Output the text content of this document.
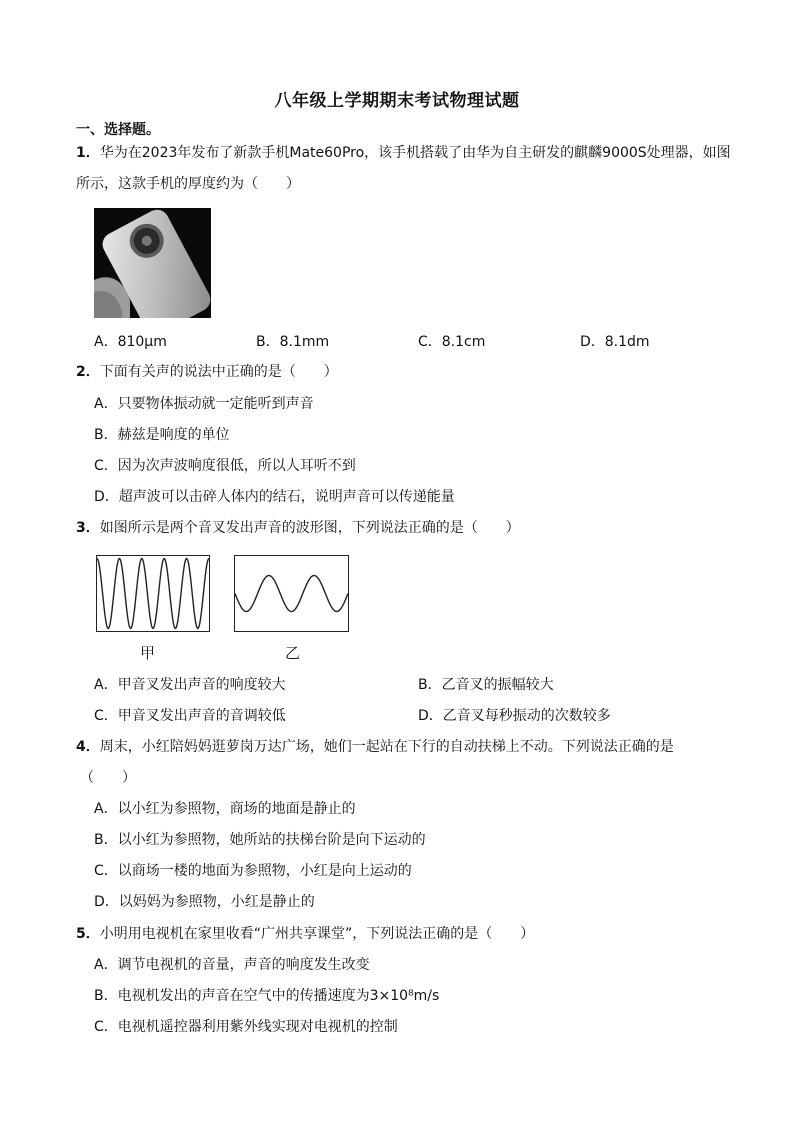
八年级上学期期末考试物理试题
一、选择题。
1．华为在2023年发布了新款手机Mate60Pro，该手机搭载了由华为自主研发的麒麟9000S处理器，如图
所示，这款手机的厚度约为（　　）
A．810μm	B．8.1mm	C．8.1cm	D．8.1dm
2．下面有关声的说法中正确的是（　　）
A．只要物体振动就一定能听到声音
B．赫兹是响度的单位
C．因为次声波响度很低，所以人耳听不到
D．超声波可以击碎人体内的结石，说明声音可以传递能量
3．如图所示是两个音叉发出声音的波形图，下列说法正确的是（　　）
甲	乙
A．甲音叉发出声音的响度较大	B．乙音叉的振幅较大
C．甲音叉发出声音的音调较低	D．乙音叉每秒振动的次数较多
4．周末，小红陪妈妈逛萝岗万达广场，她们一起站在下行的自动扶梯上不动。下列说法正确的是
（　　）
A．以小红为参照物，商场的地面是静止的
B．以小红为参照物，她所站的扶梯台阶是向下运动的
C．以商场一楼的地面为参照物，小红是向上运动的
D．以妈妈为参照物，小红是静止的
5．小明用电视机在家里收看“广州共享课堂”，下列说法正确的是（　　）
A．调节电视机的音量，声音的响度发生改变
B．电视机发出的声音在空气中的传播速度为3×10⁸m/s
C．电视机遥控器利用紫外线实现对电视机的控制
